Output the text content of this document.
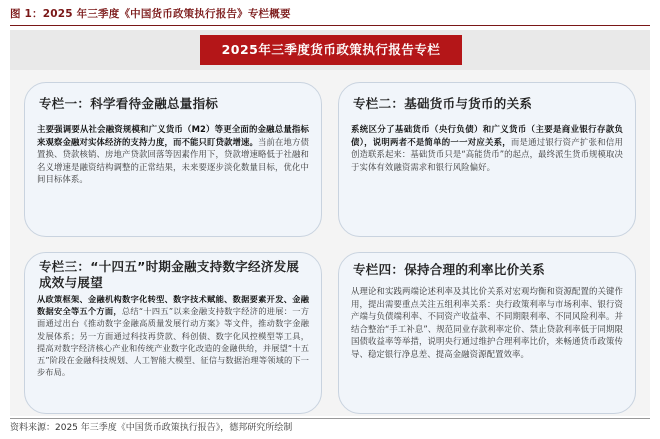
图 1：2025 年三季度《中国货币政策执行报告》专栏概要
2025年三季度货币政策执行报告专栏
专栏一：科学看待金融总量指标
主要强调要从社会融资规模和广义货币（M2）等更全面的金融总量指标来观察金融对实体经济的支持力度，而不能只盯贷款增速。当前在地方债置换、贷款核销、房地产贷款回落等因素作用下，贷款增速略低于社融和名义增速是融资结构调整的正常结果，未来要逐步淡化数量目标，优化中间目标体系。
专栏二：基础货币与货币的关系
系统区分了基础货币（央行负债）和广义货币（主要是商业银行存款负债），说明两者不是简单的一一对应关系，而是通过银行资产扩张和信用创造联系起来：基础货币只是“高能货币”的起点，最终派生货币规模取决于实体有效融资需求和银行风险偏好。
专栏三：“十四五”时期金融支持数字经济发展成效与展望
从政策框架、金融机构数字化转型、数字技术赋能、数据要素开发、金融数据安全等五个方面，总结“十四五”以来金融支持数字经济的进展：一方面通过出台《推动数字金融高质量发展行动方案》等文件，推动数字金融发展体系；另一方面通过科技再贷款、科创债、数字化风控模型等工具，提高对数字经济核心产业和传统产业数字化改造的金融供给，并展望“十五五”阶段在金融科技规划、人工智能大模型、征信与数据治理等领域的下一步布局。
专栏四：保持合理的利率比价关系
从理论和实践两端论述利率及其比价关系对宏观均衡和资源配置的关键作用，提出需要重点关注五组利率关系：央行政策利率与市场利率、银行资产端与负债端利率、不同资产收益率、不同期限利率、不同风险利率。并结合整治“手工补息”、规范同业存款利率定价、禁止贷款利率低于同期限国债收益率等举措，说明央行通过维护合理利率比价，来畅通货币政策传导、稳定银行净息差、提高金融资源配置效率。
资料来源：2025 年三季度《中国货币政策执行报告》，德邦研究所绘制
